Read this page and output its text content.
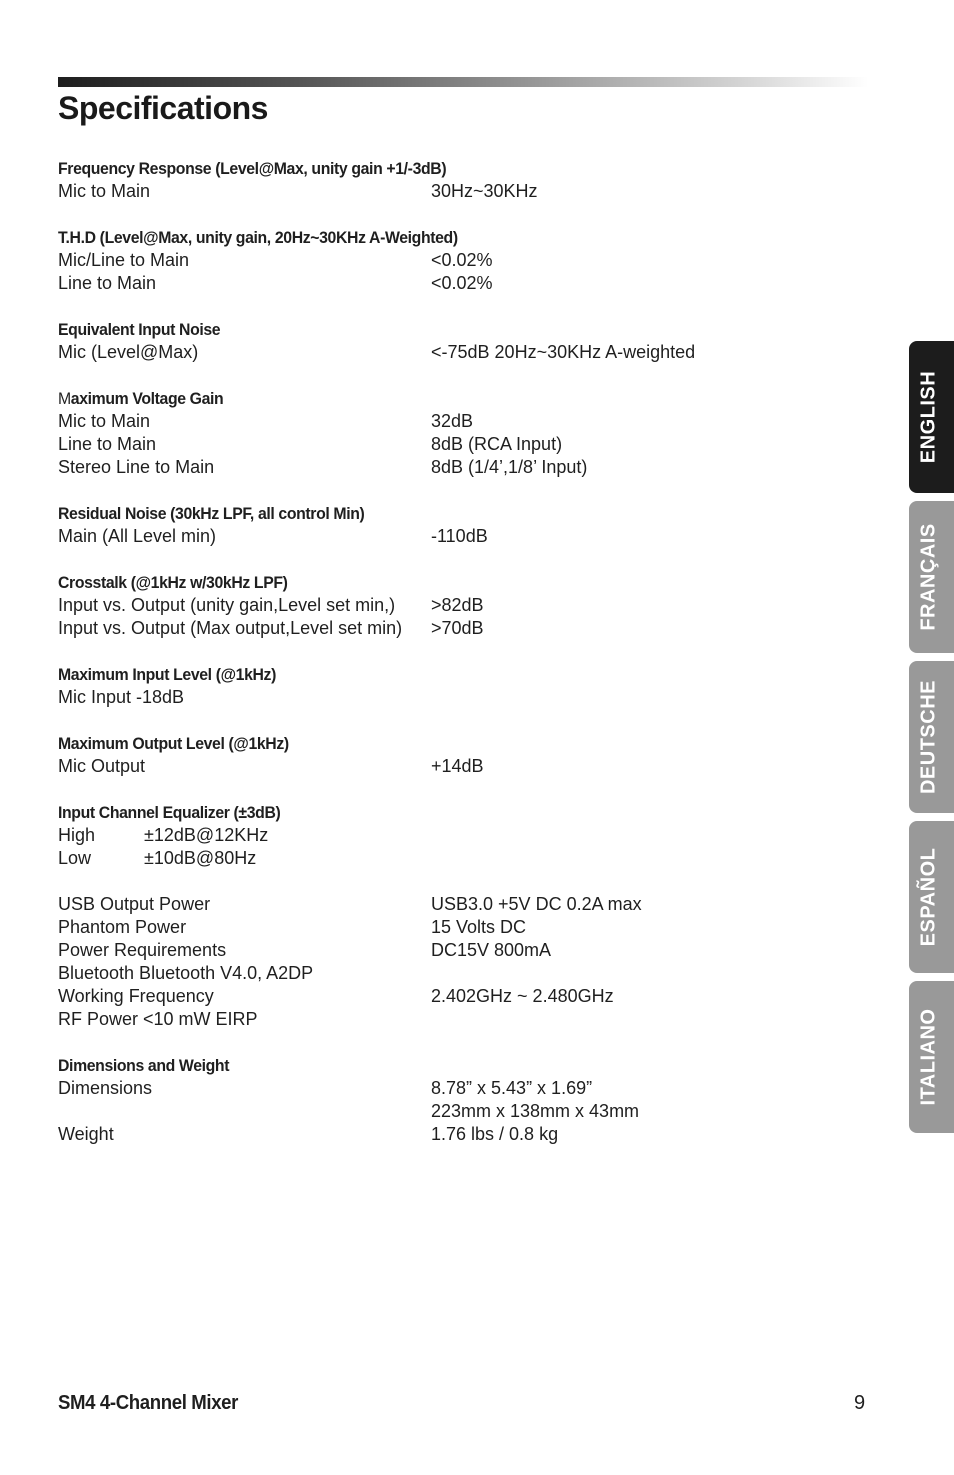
Specifications
Frequency Response (Level@Max, unity gain +1/-3dB)
Mic to Main	30Hz~30KHz
T.H.D (Level@Max, unity gain, 20Hz~30KHz A-Weighted)
Mic/Line to Main	<0.02%
Line to Main	<0.02%
Equivalent Input Noise
Mic (Level@Max)	<-75dB 20Hz~30KHz A-weighted
Maximum Voltage Gain
Mic to Main	32dB
Line to Main	8dB (RCA Input)
Stereo Line to Main	8dB (1/4’,1/8’ Input)
Residual Noise (30kHz LPF, all control Min)
Main (All Level min)	-110dB
Crosstalk (@1kHz w/30kHz LPF)
Input vs. Output (unity gain,Level set min,) >82dB
Input vs. Output (Max output,Level set min) >70dB
Maximum Input Level (@1kHz)
Mic Input -18dB
Maximum Output Level (@1kHz)
Mic Output	+14dB
Input Channel Equalizer (±3dB)
High	±12dB@12KHz
Low	±10dB@80Hz
USB Output Power	USB3.0 +5V DC 0.2A max
Phantom Power	15 Volts DC
Power Requirements	DC15V 800mA
Bluetooth Bluetooth V4.0, A2DP
Working Frequency	2.402GHz ~ 2.480GHz
RF Power <10 mW EIRP
Dimensions and Weight
Dimensions	8.78” x 5.43” x 1.69”
223mm x 138mm x 43mm
Weight	1.76 lbs / 0.8 kg
SM4 4-Channel Mixer	9
ENGLISH
FRANÇAIS
DEUTSCHE
ESPAÑOL
ITALIANO
